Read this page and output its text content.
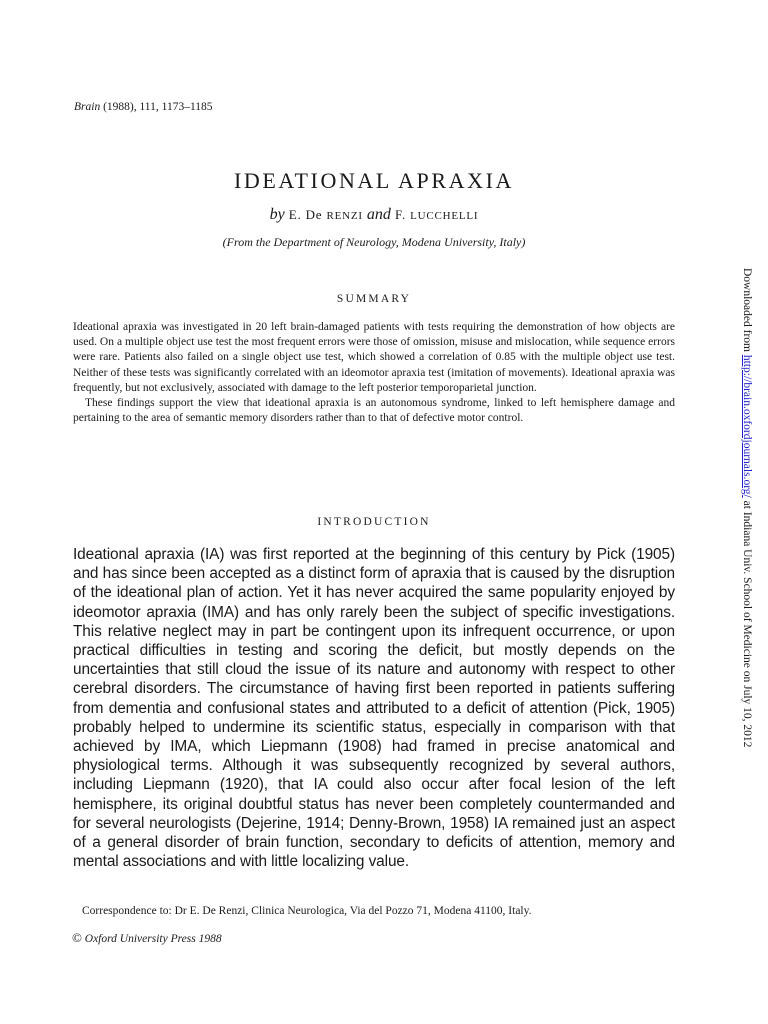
Brain (1988), 111, 1173–1185
IDEATIONAL APRAXIA
by E. De RENZI and F. LUCCHELLI
(From the Department of Neurology, Modena University, Italy)
SUMMARY

Ideational apraxia was investigated in 20 left brain-damaged patients with tests requiring the demonstration of how objects are used. On a multiple object use test the most frequent errors were those of omission, misuse and mislocation, while sequence errors were rare. Patients also failed on a single object use test, which showed a correlation of 0.85 with the multiple object use test. Neither of these tests was significantly correlated with an ideomotor apraxia test (imitation of movements). Ideational apraxia was frequently, but not exclusively, associated with damage to the left posterior temporoparietal junction.

These findings support the view that ideational apraxia is an autonomous syndrome, linked to left hemisphere damage and pertaining to the area of semantic memory disorders rather than to that of defective motor control.

INTRODUCTION

Ideational apraxia (IA) was first reported at the beginning of this century by Pick (1905) and has since been accepted as a distinct form of apraxia that is caused by the disruption of the ideational plan of action. Yet it has never acquired the same popularity enjoyed by ideomotor apraxia (IMA) and has only rarely been the subject of specific investigations. This relative neglect may in part be contingent upon its infrequent occurrence, or upon practical difficulties in testing and scoring the deficit, but mostly depends on the uncertainties that still cloud the issue of its nature and autonomy with respect to other cerebral disorders. The circumstance of having first been reported in patients suffering from dementia and confusional states and attributed to a deficit of attention (Pick, 1905) probably helped to undermine its scientific status, especially in comparison with that achieved by IMA, which Liepmann (1908) had framed in precise anatomical and physiological terms. Although it was subsequently recognized by several authors, including Liepmann (1920), that IA could also occur after focal lesion of the left hemisphere, its original doubtful status has never been completely countermanded and for several neurologists (Dejerine, 1914; Denny-Brown, 1958) IA remained just an aspect of a general disorder of brain function, secondary to deficits of attention, memory and mental associations and with little localizing value.

Correspondence to: Dr E. De Renzi, Clinica Neurologica, Via del Pozzo 71, Modena 41100, Italy.
© Oxford University Press 1988
Downloaded from http://brain.oxfordjournals.org/ at Indiana Univ. School of Medicine on July 10, 2012
